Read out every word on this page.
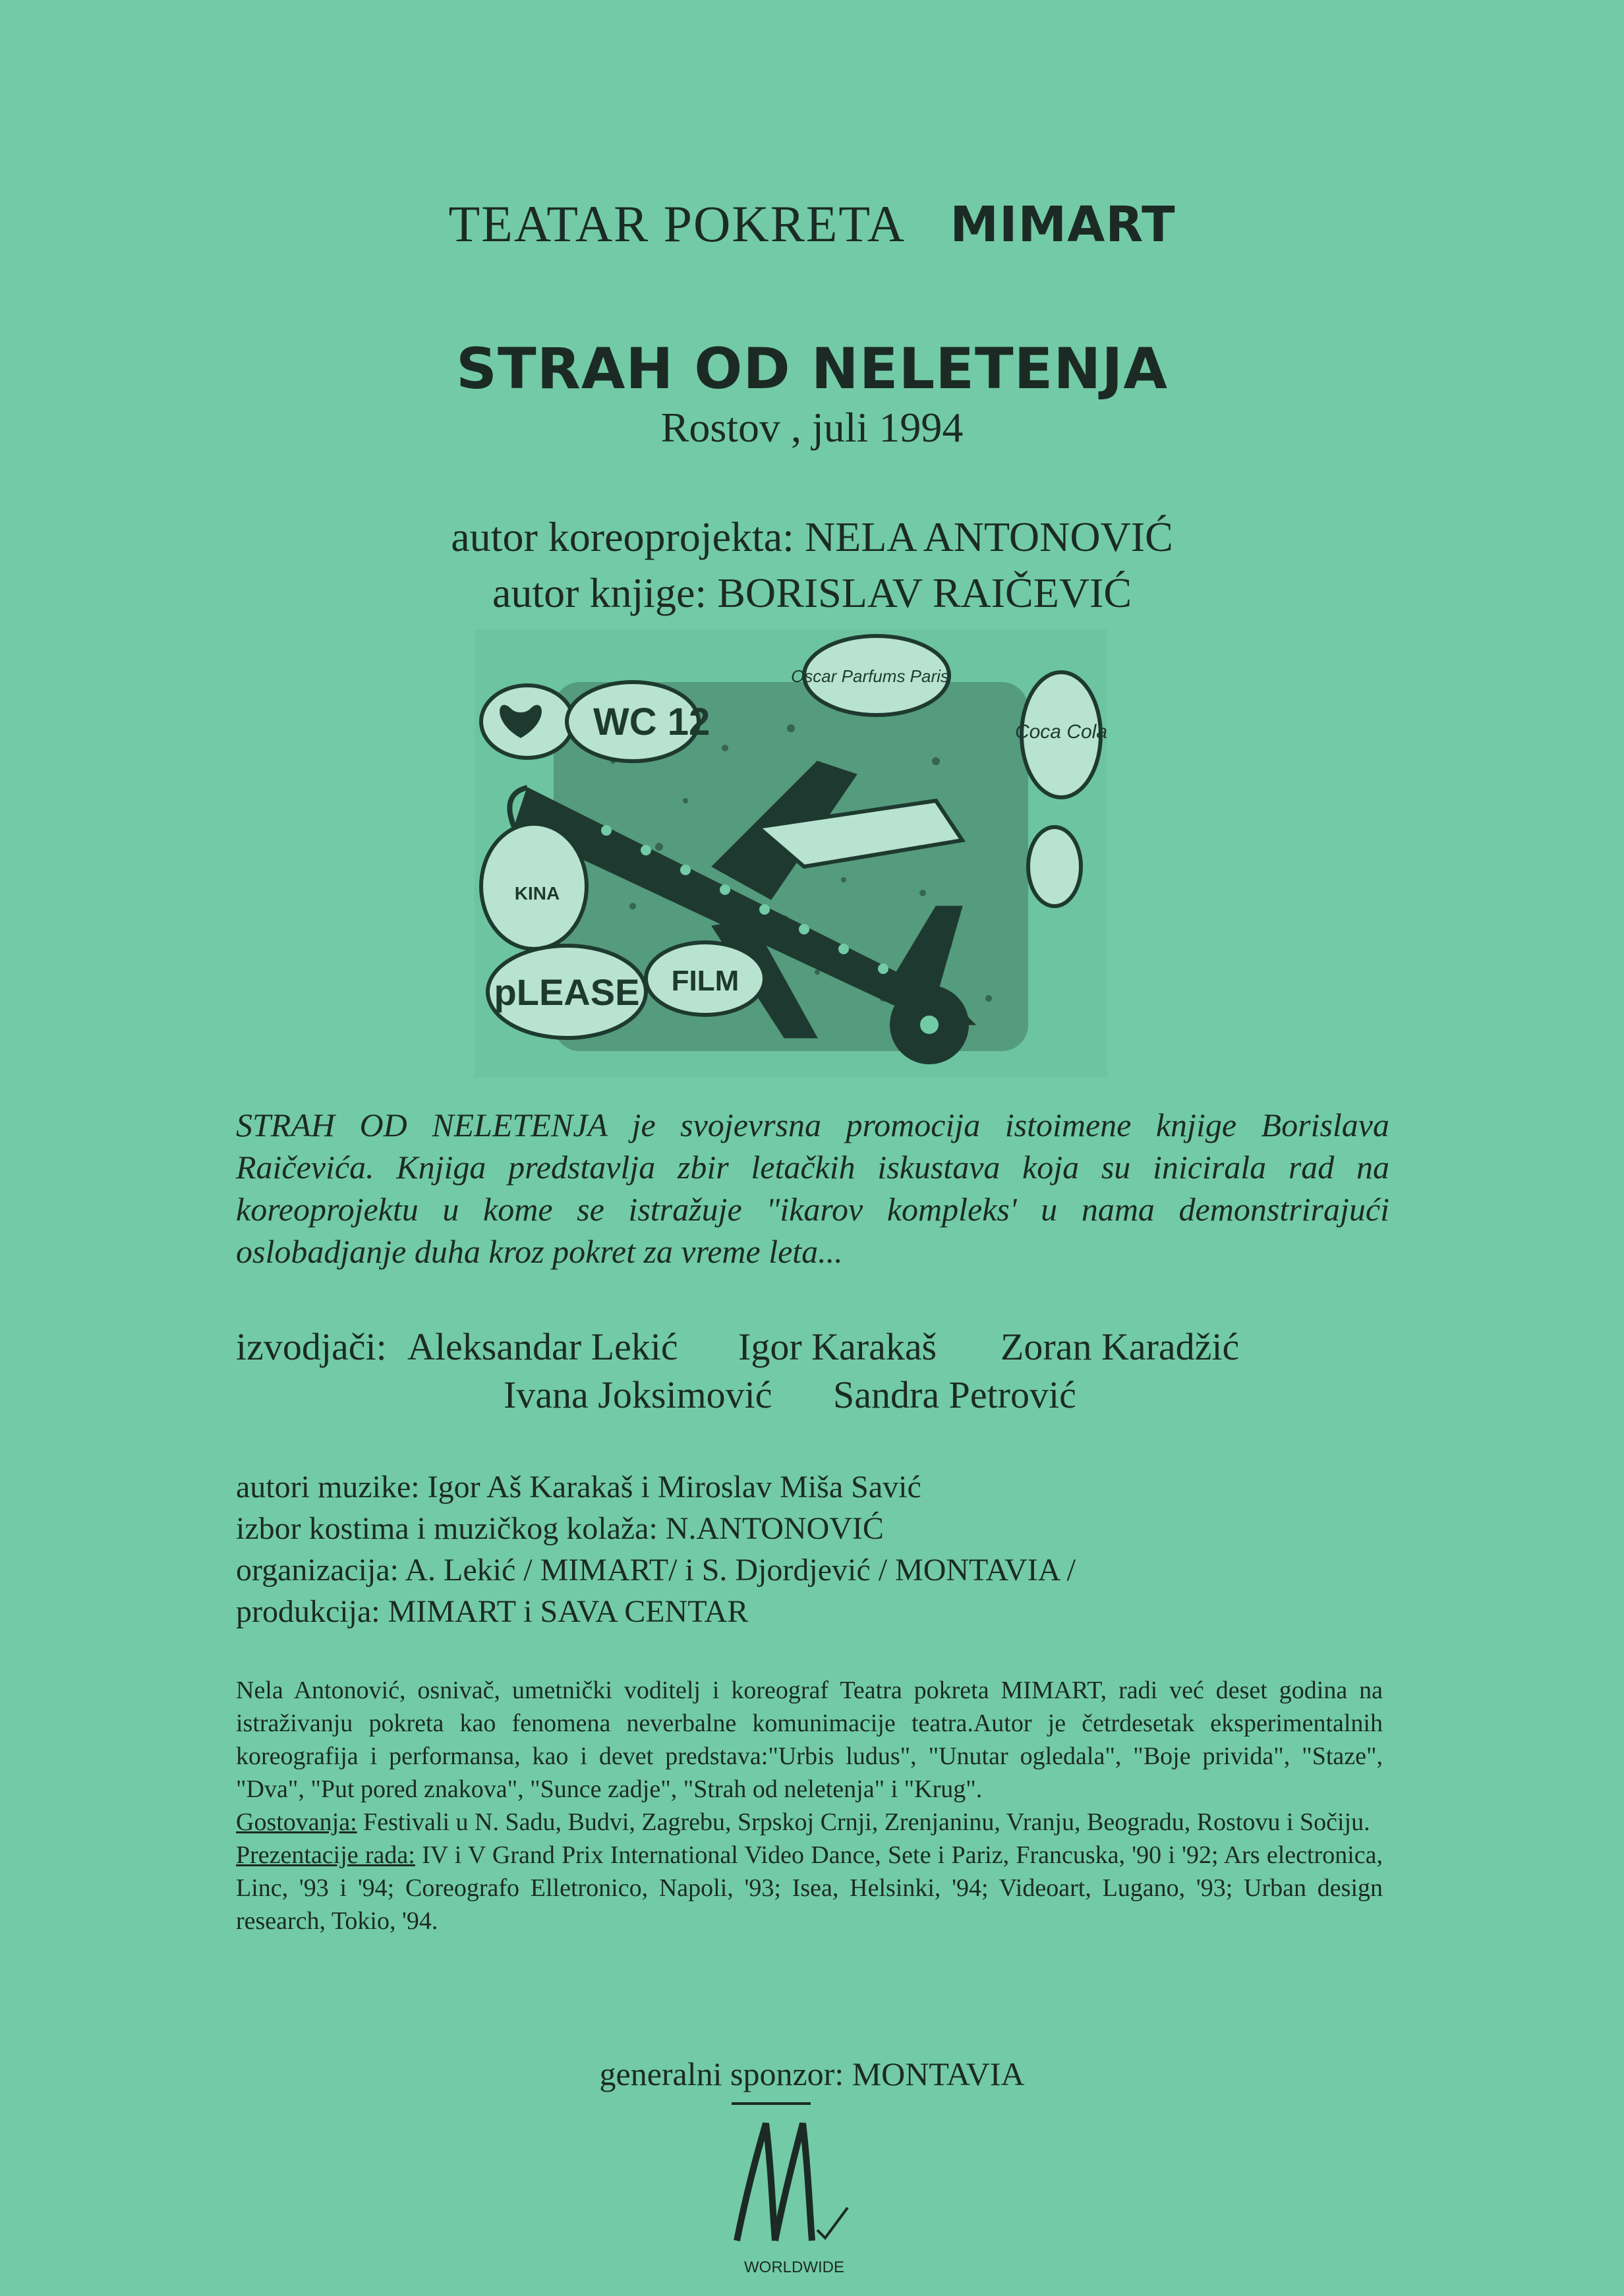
TEATAR POKRETA MIMART
STRAH OD NELETENJA
Rostov , juli 1994
autor koreoprojekta: NELA ANTONOVIĆ
autor knjige: BORISLAV RAIČEVIĆ
WC 12
Oscar Parfums Paris
Coca Cola
KINA
pLEASE FILM
STRAH OD NELETENJA je svojevrsna promocija istoimene knjige Borislava Raičevića. Knjiga predstavlja zbir letačkih iskustava koja su inicirala rad na koreoprojektu u kome se istražuje "ikarov kompleks' u nama demonstrirajući oslobadjanje duha kroz pokret za vreme leta...
izvodjači: Aleksandar Lekić Igor Karakaš Zoran Karadžić
Ivana Joksimović Sandra Petrović
autori muzike: Igor Aš Karakaš i Miroslav Miša Savić
izbor kostima i muzičkog kolaža: N.ANTONOVIĆ
organizacija: A. Lekić / MIMART/ i S. Djordjević / MONTAVIA /
produkcija: MIMART i SAVA CENTAR
Nela Antonović, osnivač, umetnički voditelj i koreograf Teatra pokreta MIMART, radi već deset godina na istraživanju pokreta kao fenomena neverbalne komunimacije teatra.Autor je četrdesetak eksperimentalnih koreografija i performansa, kao i devet predstava:"Urbis ludus", "Unutar ogledala", "Boje privida", "Staze", "Dva", "Put pored znakova", "Sunce zadje", "Strah od neletenja" i "Krug".
Gostovanja: Festivali u N. Sadu, Budvi, Zagrebu, Srpskoj Crnji, Zrenjaninu, Vranju, Beogradu, Rostovu i Sočiju.
Prezentacije rada: IV i V Grand Prix International Video Dance, Sete i Pariz, Francuska, '90 i '92; Ars electronica, Linc, '93 i '94; Coreografo Elletronico, Napoli, '93; Isea, Helsinki, '94; Videoart, Lugano, '93; Urban design research, Tokio, '94.
generalni sponzor: MONTAVIA
WORLDWIDE
